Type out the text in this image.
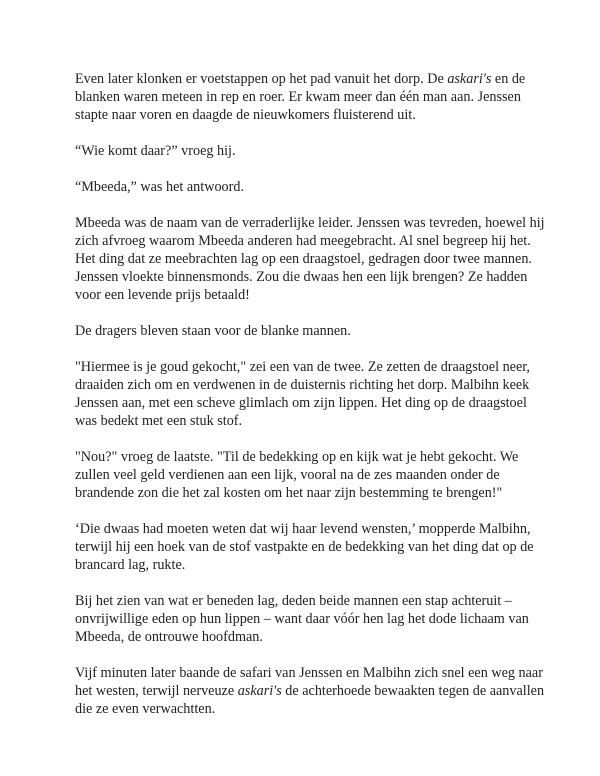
Even later klonken er voetstappen op het pad vanuit het dorp. De askari's en de blanken waren meteen in rep en roer. Er kwam meer dan één man aan. Jenssen stapte naar voren en daagde de nieuwkomers fluisterend uit.

“Wie komt daar?” vroeg hij.

“Mbeeda,” was het antwoord.

Mbeeda was de naam van de verraderlijke leider. Jenssen was tevreden, hoewel hij zich afvroeg waarom Mbeeda anderen had meegebracht. Al snel begreep hij het. Het ding dat ze meebrachten lag op een draagstoel, gedragen door twee mannen. Jenssen vloekte binnensmonds. Zou die dwaas hen een lijk brengen? Ze hadden voor een levende prijs betaald!

De dragers bleven staan voor de blanke mannen.

"Hiermee is je goud gekocht," zei een van de twee. Ze zetten de draagstoel neer, draaiden zich om en verdwenen in de duisternis richting het dorp. Malbihn keek Jenssen aan, met een scheve glimlach om zijn lippen. Het ding op de draagstoel was bedekt met een stuk stof.

"Nou?" vroeg de laatste. "Til de bedekking op en kijk wat je hebt gekocht. We zullen veel geld verdienen aan een lijk, vooral na de zes maanden onder de brandende zon die het zal kosten om het naar zijn bestemming te brengen!"

‘Die dwaas had moeten weten dat wij haar levend wensten,’ mopperde Malbihn, terwijl hij een hoek van de stof vastpakte en de bedekking van het ding dat op de brancard lag, rukte.

Bij het zien van wat er beneden lag, deden beide mannen een stap achteruit – onvrijwillige eden op hun lippen – want daar vóór hen lag het dode lichaam van Mbeeda, de ontrouwe hoofdman.

Vijf minuten later baande de safari van Jenssen en Malbihn zich snel een weg naar het westen, terwijl nerveuze askari's de achterhoede bewaakten tegen de aanvallen die ze even verwachtten.
